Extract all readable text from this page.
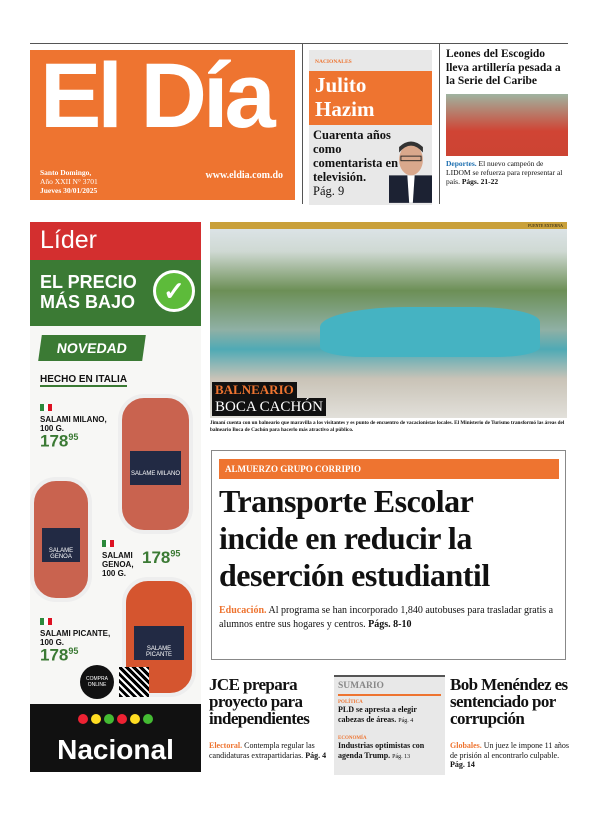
El Día
Santo Domingo,
Año XXII N° 3701
Jueves 30/01/2025
www.eldia.com.do
NACIONALES
Julito Hazim
Cuarenta años como comentarista en televisión.
Pág. 9
Leones del Escogido lleva artillería pesada a la Serie del Caribe

Deportes. El nuevo campeón de LIDOM se refuerza para representar al país. Págs. 21-22

Líder
EL PRECIO MÁS BAJO	✓
NOVEDAD
HECHO EN ITALIA
SALAME MILANO
SALAME GENOA
SALAME PICANTE
SALAMI MILANO,
100 G.
$178^{95}$
SALAMI GENOA,
100 G.
$178^{95}$
SALAMI PICANTE,
100 G.
$178^{95}$
COMPRA ONLINE
Nacional
FUENTE EXTERNA
BALNEARIO
BOCA CACHÓN
Jimaní cuenta con un balneario que maravilla a los visitantes y es punto de encuentro de vacacionistas locales. El Ministerio de Turismo transformó las áreas del balneario Boca de Cachón para hacerlo más atractivo al público.
ALMUERZO GRUPO CORRIPIO
Transporte Escolar incide en reducir la deserción estudiantil
Educación. Al programa se han incorporado 1,840 autobuses para trasladar gratis a alumnos entre sus hogares y centros. Págs. 8-10
JCE prepara proyecto para independientes

Electoral. Contempla regular las candidaturas extrapartidarias. Pág. 4

SUMARIO
POLÍTICA
PLD se apresta a elegir cabezas de áreas. Pág. 4
ECONOMÍA
Industrias optimistas con agenda Trump. Pág. 13
Bob Menéndez es sentenciado por corrupción

Globales. Un juez le impone 11 años de prisión al encontrarlo culpable. Pág. 14
